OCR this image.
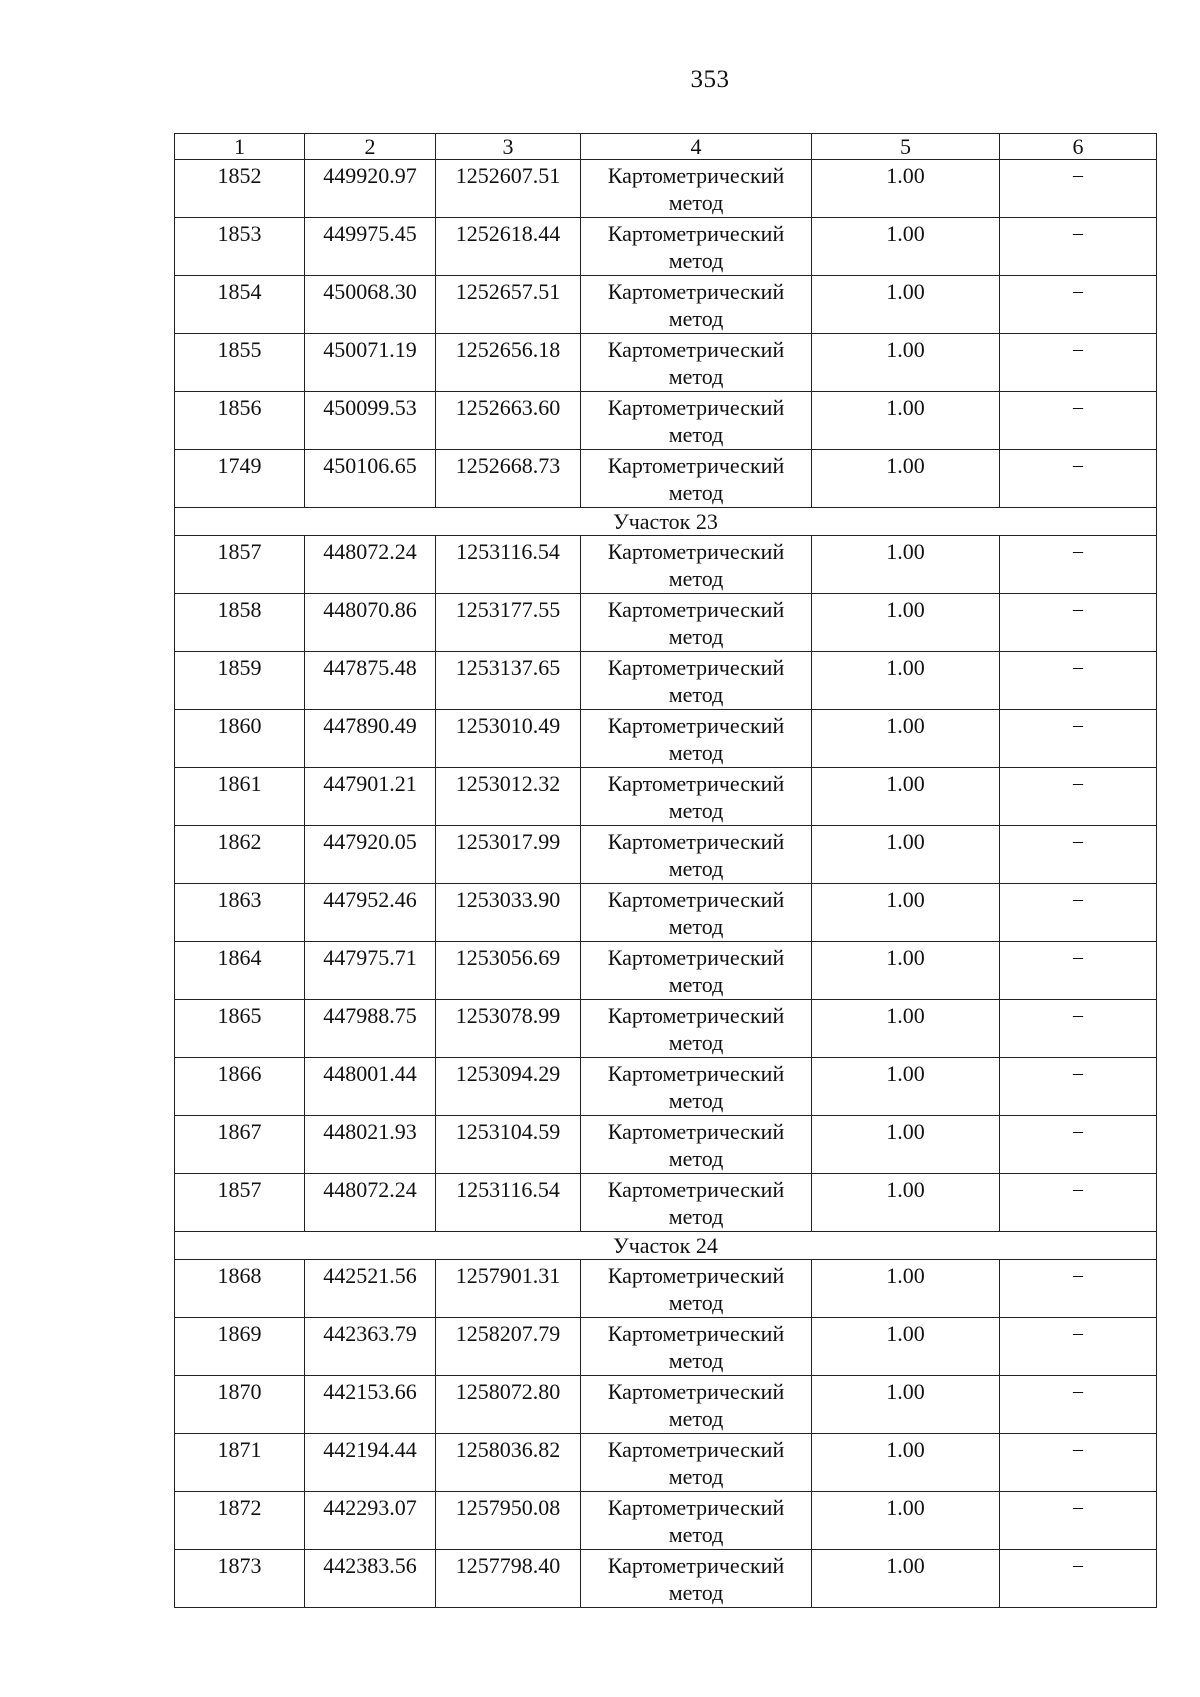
353
1	2	3	4	5	6
1852	449920.97	1252607.51	Картометрический метод	1.00	–
1853	449975.45	1252618.44	Картометрический метод	1.00	–
1854	450068.30	1252657.51	Картометрический метод	1.00	–
1855	450071.19	1252656.18	Картометрический метод	1.00	–
1856	450099.53	1252663.60	Картометрический метод	1.00	–
1749	450106.65	1252668.73	Картометрический метод	1.00	–
Участок 23					
1857	448072.24	1253116.54	Картометрический метод	1.00	–
1858	448070.86	1253177.55	Картометрический метод	1.00	–
1859	447875.48	1253137.65	Картометрический метод	1.00	–
1860	447890.49	1253010.49	Картометрический метод	1.00	–
1861	447901.21	1253012.32	Картометрический метод	1.00	–
1862	447920.05	1253017.99	Картометрический метод	1.00	–
1863	447952.46	1253033.90	Картометрический метод	1.00	–
1864	447975.71	1253056.69	Картометрический метод	1.00	–
1865	447988.75	1253078.99	Картометрический метод	1.00	–
1866	448001.44	1253094.29	Картометрический метод	1.00	–
1867	448021.93	1253104.59	Картометрический метод	1.00	–
1857	448072.24	1253116.54	Картометрический метод	1.00	–
Участок 24					
1868	442521.56	1257901.31	Картометрический метод	1.00	–
1869	442363.79	1258207.79	Картометрический метод	1.00	–
1870	442153.66	1258072.80	Картометрический метод	1.00	–
1871	442194.44	1258036.82	Картометрический метод	1.00	–
1872	442293.07	1257950.08	Картометрический метод	1.00	–
1873	442383.56	1257798.40	Картометрический метод	1.00	–
